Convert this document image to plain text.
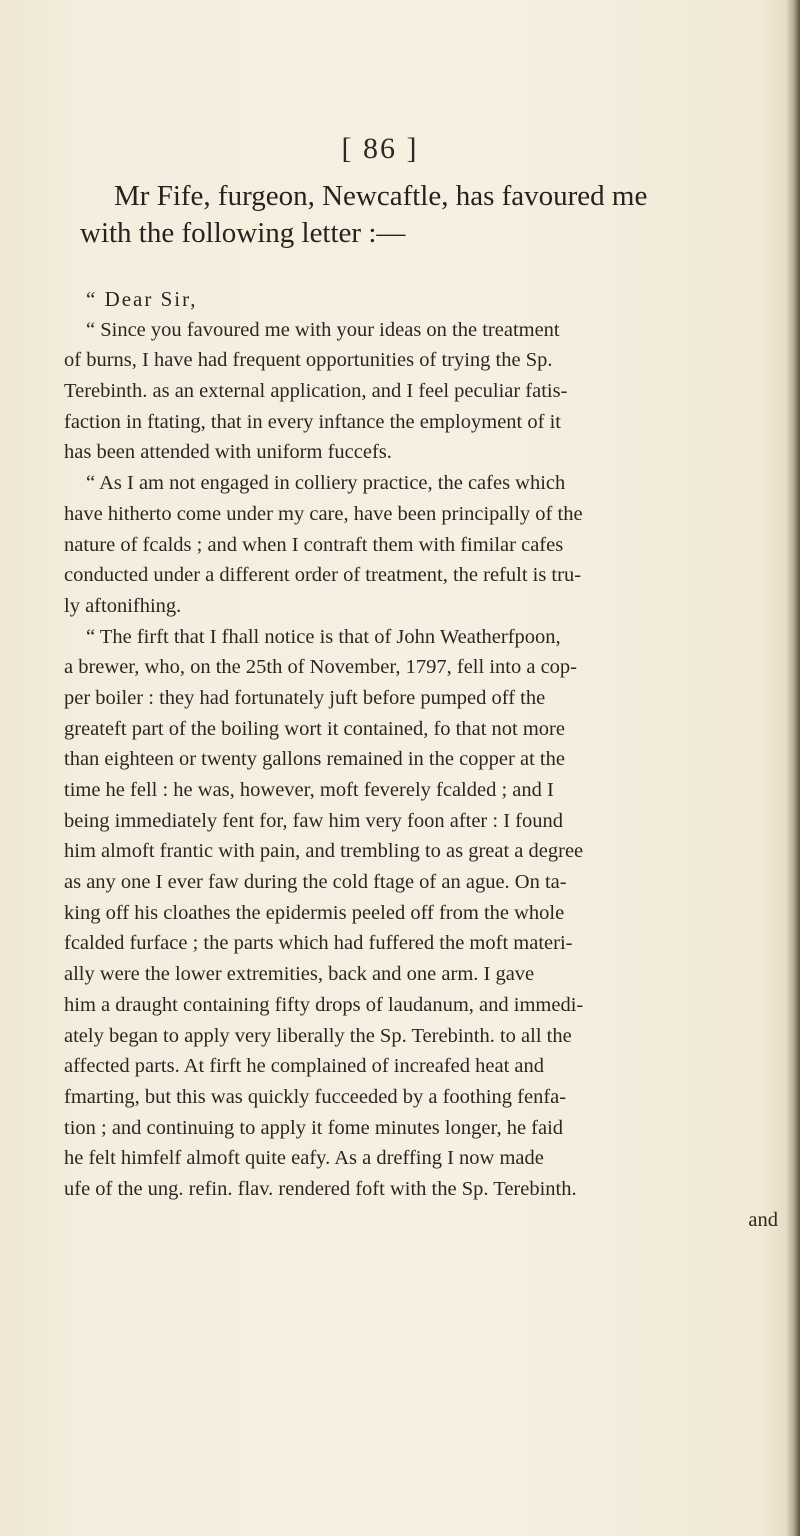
[ 86 ]
Mr Fife, furgeon, Newcaftle, has favoured me
with the following letter :—
“ Dear Sir,
“ Since you favoured me with your ideas on the treatment
of burns, I have had frequent opportunities of trying the Sp.
Terebinth. as an external application, and I feel peculiar fatis-
faction in ftating, that in every inftance the employment of it
has been attended with uniform fuccefs.
“ As I am not engaged in colliery practice, the cafes which
have hitherto come under my care, have been principally of the
nature of fcalds ; and when I contraft them with fimilar cafes
conducted under a different order of treatment, the refult is tru-
ly aftonifhing.
“ The firft that I fhall notice is that of John Weatherfpoon,
a brewer, who, on the 25th of November, 1797, fell into a cop-
per boiler : they had fortunately juft before pumped off the
greateft part of the boiling wort it contained, fo that not more
than eighteen or twenty gallons remained in the copper at the
time he fell : he was, however, moft feverely fcalded ; and I
being immediately fent for, faw him very foon after : I found
him almoft frantic with pain, and trembling to as great a degree
as any one I ever faw during the cold ftage of an ague. On ta-
king off his cloathes the epidermis peeled off from the whole
fcalded furface ; the parts which had fuffered the moft materi-
ally were the lower extremities, back and one arm. I gave
him a draught containing fifty drops of laudanum, and immedi-
ately began to apply very liberally the Sp. Terebinth. to all the
affected parts. At firft he complained of increafed heat and
fmarting, but this was quickly fucceeded by a foothing fenfa-
tion ; and continuing to apply it fome minutes longer, he faid
he felt himfelf almoft quite eafy. As a dreffing I now made
ufe of the ung. refin. flav. rendered foft with the Sp. Terebinth.
and
